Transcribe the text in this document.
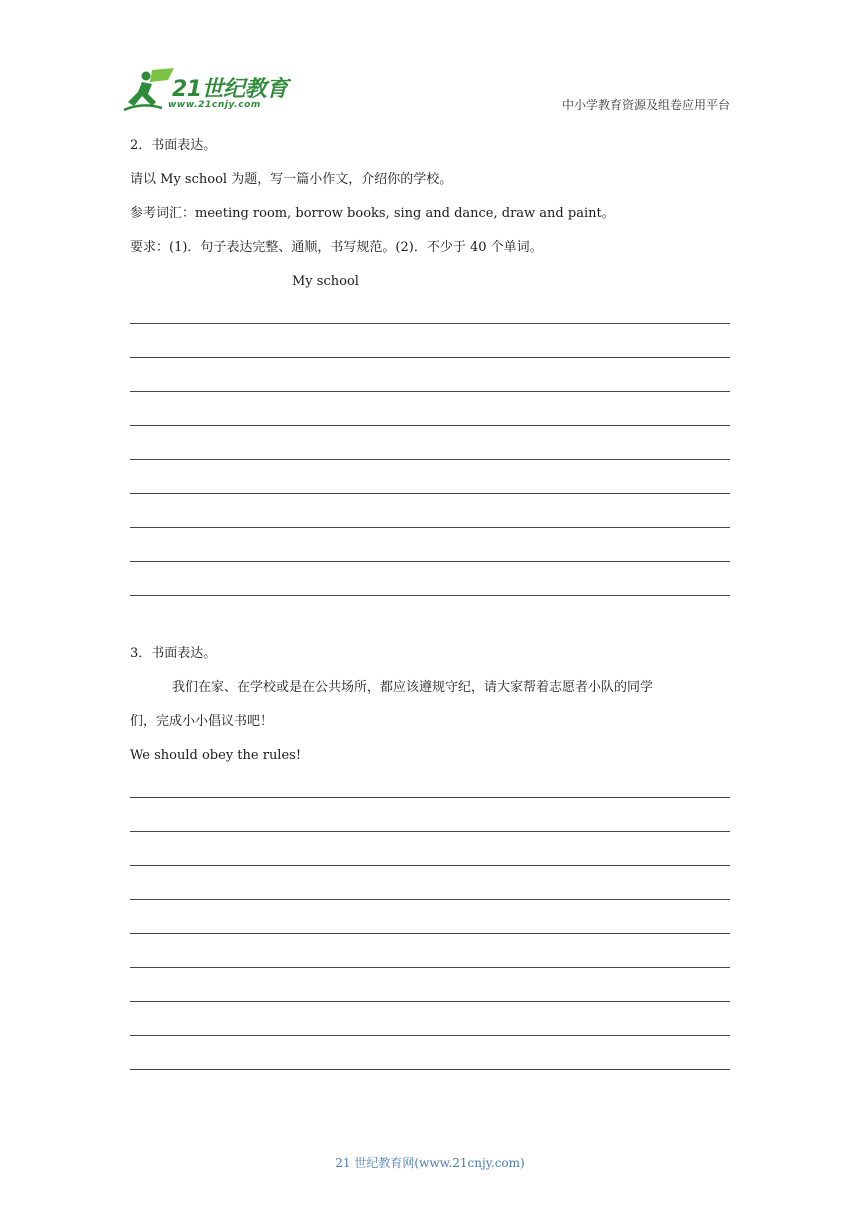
21世纪教育
www.21cnjy.com	中小学教育资源及组卷应用平台
2．书面表达。
请以 My school 为题，写一篇小作文，介绍你的学校。
参考词汇：meeting room, borrow books, sing and dance, draw and paint。
要求：(1)．句子表达完整、通顺，书写规范。(2)．不少于 40 个单词。
My school
3．书面表达。
我们在家、在学校或是在公共场所，都应该遵规守纪，请大家帮着志愿者小队的同学
们，完成小小倡议书吧！
We should obey the rules!
21 世纪教育网(www.21cnjy.com)
